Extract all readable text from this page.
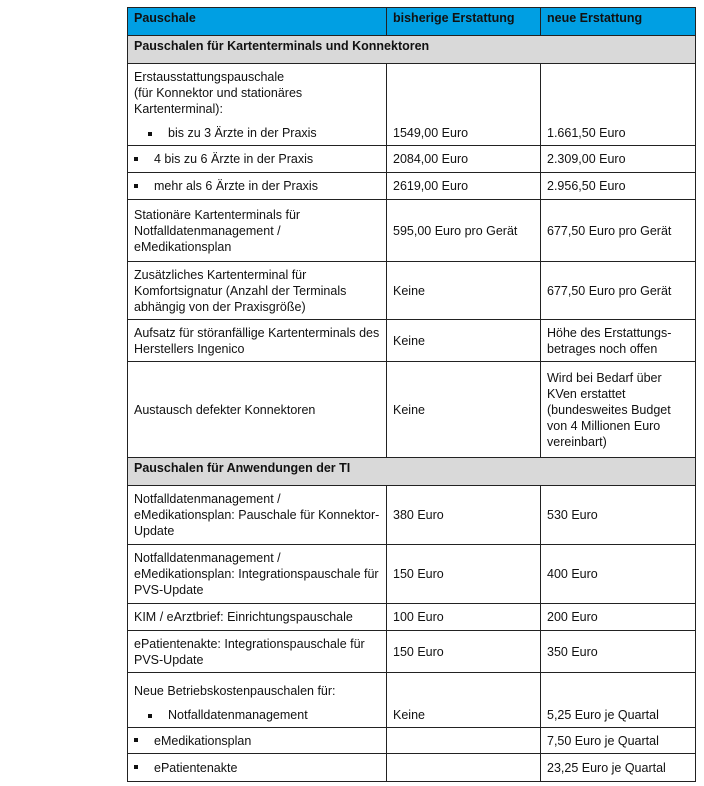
Pauschale	bisherige Erstattung	neue Erstattung
Pauschalen für Kartenterminals und Konnektoren		

Erstausstattungspauschale
(für Konnektor und stationäres
Kartenterminal):
bis zu 3 Ärzte in der Praxis	1549,00 Euro	1.661,50 Euro
4 bis zu 6 Ärzte in der Praxis	2084,00 Euro	2.309,00 Euro
mehr als 6 Ärzte in der Praxis	2619,00 Euro	2.956,50 Euro
Stationäre Kartenterminals für Notfalldatenmanagement / eMedikationsplan	595,00 Euro pro Gerät	677,50 Euro pro Gerät
Zusätzliches Kartenterminal für Komfortsignatur (Anzahl der Terminals abhängig von der Praxisgröße)	Keine	677,50 Euro pro Gerät
Aufsatz für störanfällige Kartenterminals des Herstellers Ingenico	Keine	Höhe des Erstattungs-betrages noch offen
Austausch defekter Konnektoren	Keine	Wird bei Bedarf über KVen erstattet (bundesweites Budget von 4 Millionen Euro vereinbart)
Pauschalen für Anwendungen der TI		
Notfalldatenmanagement / eMedikationsplan: Pauschale für Konnektor-Update	380 Euro	530 Euro
Notfalldatenmanagement / eMedikationsplan: Integrationspauschale für PVS-Update	150 Euro	400 Euro
KIM / eArztbrief: Einrichtungspauschale	100 Euro	200 Euro
ePatientenakte: Integrationspauschale für PVS-Update	150 Euro	350 Euro

Neue Betriebskostenpauschalen für:
Notfalldatenmanagement	Keine	5,25 Euro je Quartal
eMedikationsplan		7,50 Euro je Quartal
ePatientenakte		23,25 Euro je Quartal
